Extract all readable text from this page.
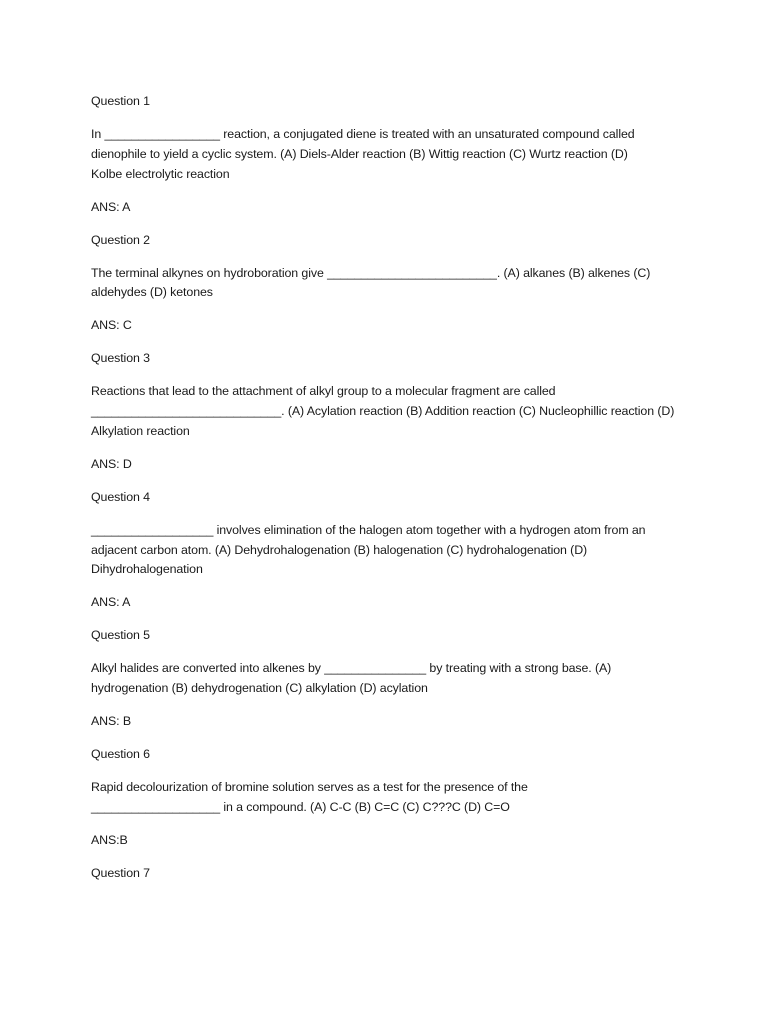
Question 1

In _________________ reaction, a conjugated diene is treated with an unsaturated compound called dienophile to yield a cyclic system. (A) Diels-Alder reaction (B) Wittig reaction (C) Wurtz reaction (D) Kolbe electrolytic reaction

ANS: A

Question 2

The terminal alkynes on hydroboration give _________________________. (A) alkanes (B) alkenes (C) aldehydes (D) ketones

ANS: C

Question 3

Reactions that lead to the attachment of alkyl group to a molecular fragment are called ____________________________. (A) Acylation reaction (B) Addition reaction (C) Nucleophillic reaction (D) Alkylation reaction

ANS: D

Question 4

__________________ involves elimination of the halogen atom together with a hydrogen atom from an adjacent carbon atom. (A) Dehydrohalogenation (B) halogenation (C) hydrohalogenation (D) Dihydrohalogenation

ANS: A

Question 5

Alkyl halides are converted into alkenes by _______________ by treating with a strong base. (A) hydrogenation (B) dehydrogenation (C) alkylation (D) acylation

ANS: B

Question 6

Rapid decolourization of bromine solution serves as a test for the presence of the ___________________ in a compound. (A) C-C (B) C=C (C) C???C (D) C=O

ANS:B

Question 7
